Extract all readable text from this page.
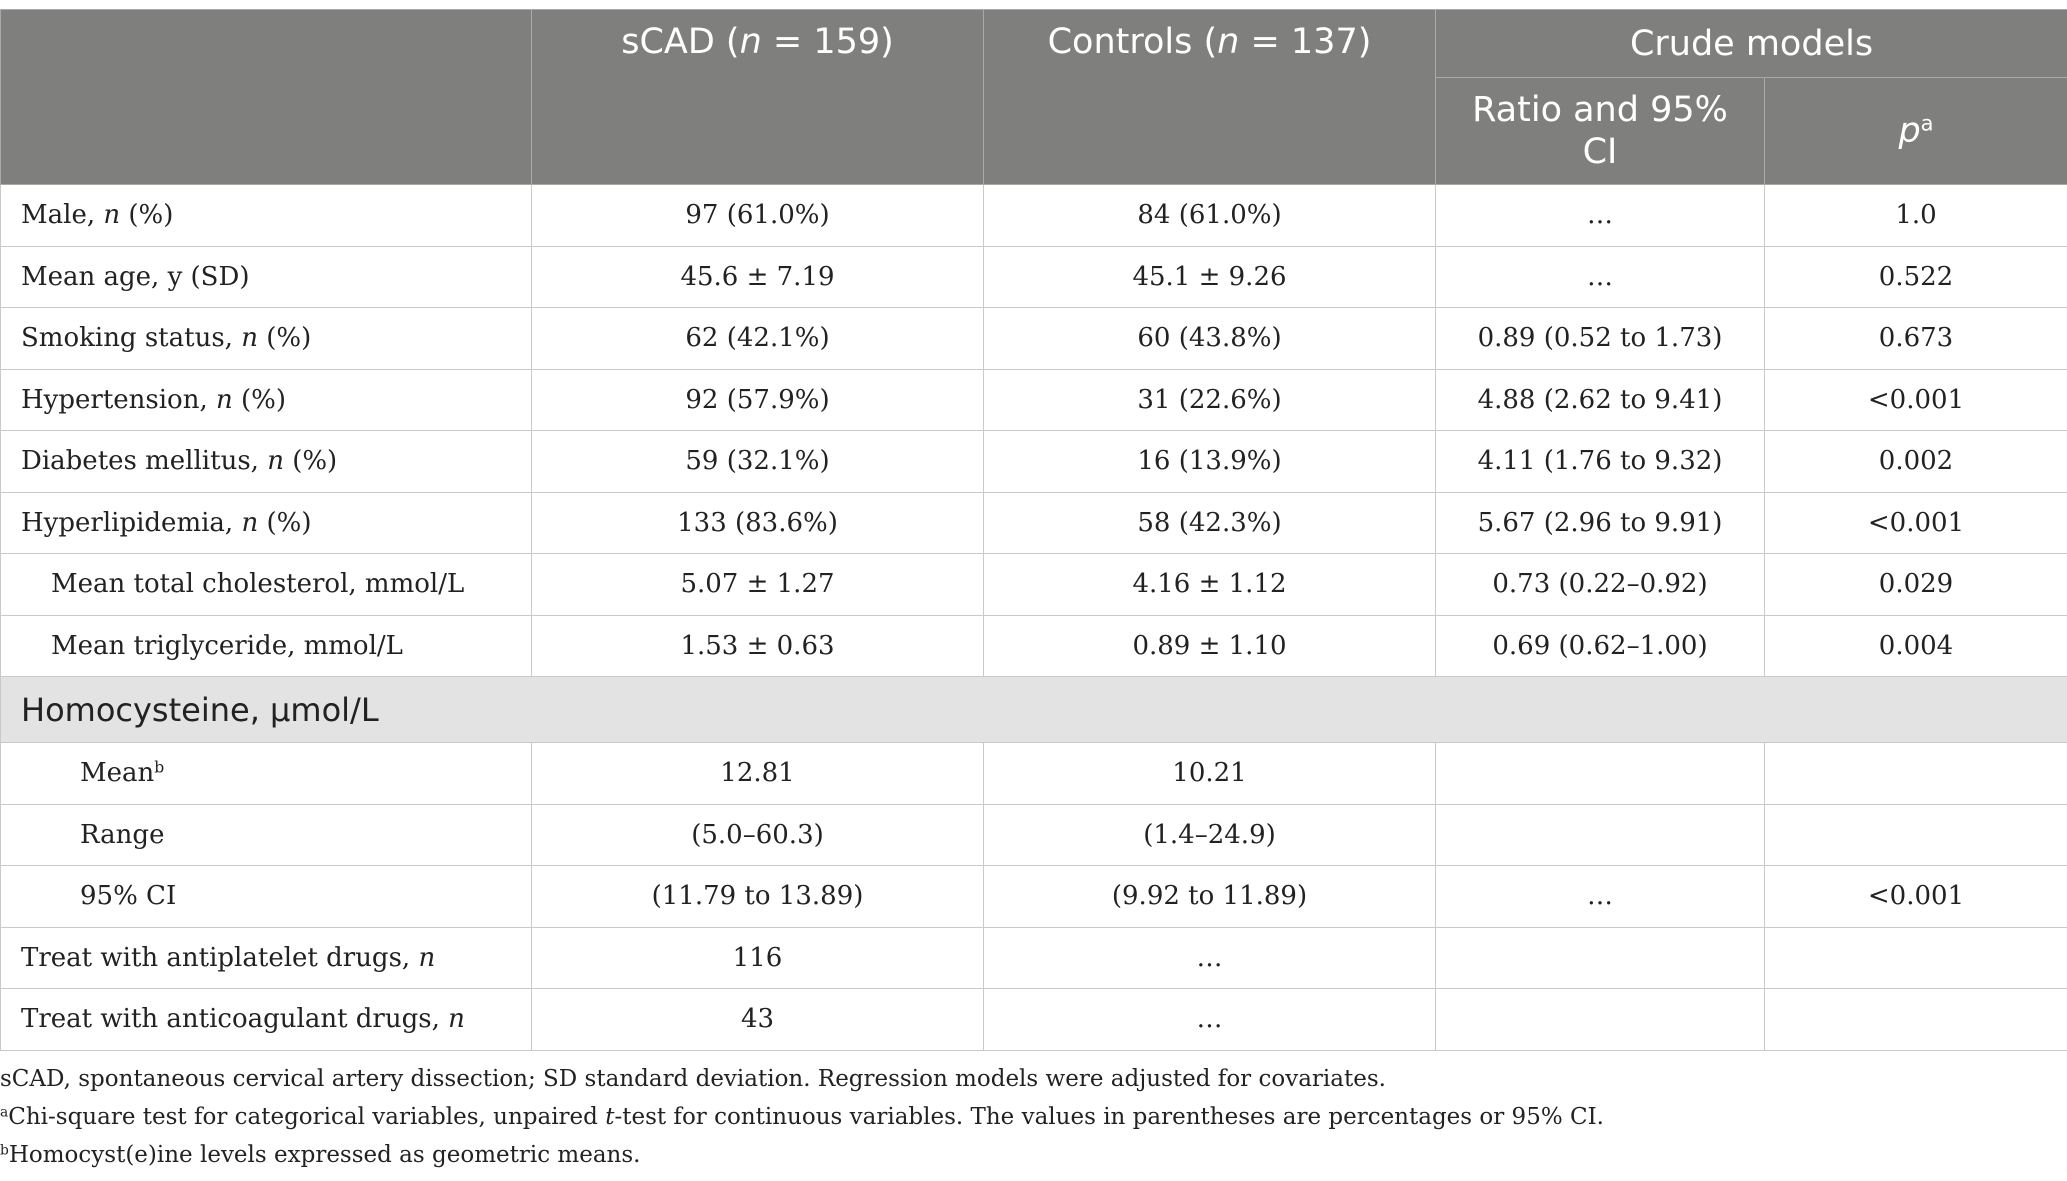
	sCAD (n = 159)	Controls (n = 137)	Crude models	
			Ratio and 95% CI	$p^a$
Male, n (%)	97 (61.0%)	84 (61.0%)	…	1.0
Mean age, y (SD)	45.6 ± 7.19	45.1 ± 9.26	…	0.522
Smoking status, n (%)	62 (42.1%)	60 (43.8%)	0.89 (0.52 to 1.73)	0.673
Hypertension, n (%)	92 (57.9%)	31 (22.6%)	4.88 (2.62 to 9.41)	<0.001
Diabetes mellitus, n (%)	59 (32.1%)	16 (13.9%)	4.11 (1.76 to 9.32)	0.002
Hyperlipidemia, n (%)	133 (83.6%)	58 (42.3%)	5.67 (2.96 to 9.91)	<0.001
Mean total cholesterol, mmol/L	5.07 ± 1.27	4.16 ± 1.12	0.73 (0.22–0.92)	0.029
Mean triglyceride, mmol/L	1.53 ± 0.63	0.89 ± 1.10	0.69 (0.62–1.00)	0.004
Homocysteine, μmol/L				
Mean$^b$	12.81	10.21		
Range	(5.0–60.3)	(1.4–24.9)		
95% CI	(11.79 to 13.89)	(9.92 to 11.89)	…	<0.001
Treat with antiplatelet drugs, n	116	…		
Treat with anticoagulant drugs, n	43	…		

sCAD, spontaneous cervical artery dissection; SD standard deviation. Regression models were adjusted for covariates.

$^a$Chi-square test for categorical variables, unpaired t-test for continuous variables. The values in parentheses are percentages or 95% CI.

$^b$Homocyst(e)ine levels expressed as geometric means.
